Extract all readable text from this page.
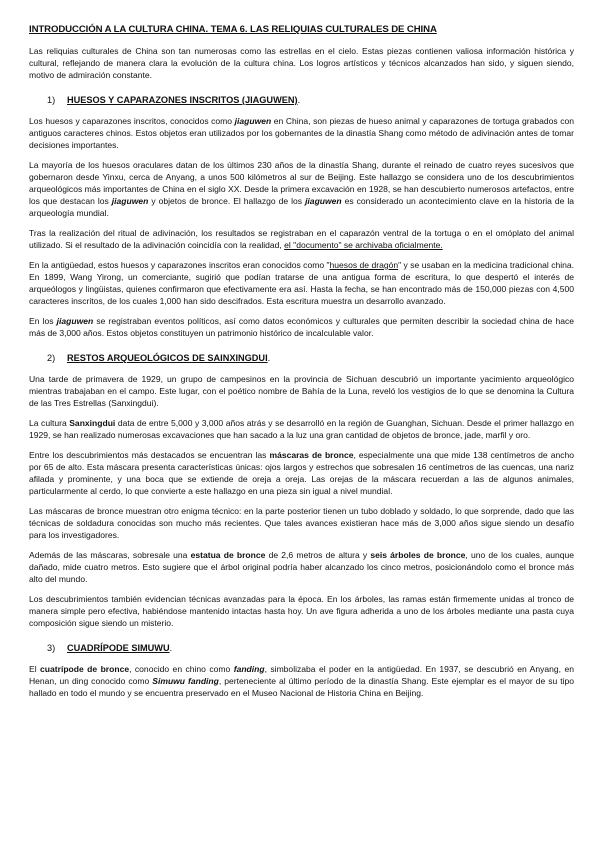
INTRODUCCIÓN A LA CULTURA CHINA. TEMA 6. LAS RELIQUIAS CULTURALES DE CHINA

Las reliquias culturales de China son tan numerosas como las estrellas en el cielo. Estas piezas contienen valiosa información histórica y cultural, reflejando de manera clara la evolución de la cultura china. Los logros artísticos y técnicos alcanzados han sido, y siguen siendo, motivo de admiración constante.

1) HUESOS Y CAPARAZONES INSCRITOS (JIAGUWEN).

Los huesos y caparazones inscritos, conocidos como jiaguwen en China, son piezas de hueso animal y caparazones de tortuga grabados con antiguos caracteres chinos. Estos objetos eran utilizados por los gobernantes de la dinastía Shang como método de adivinación antes de tomar decisiones importantes.

La mayoría de los huesos oraculares datan de los últimos 230 años de la dinastía Shang, durante el reinado de cuatro reyes sucesivos que gobernaron desde Yinxu, cerca de Anyang, a unos 500 kilómetros al sur de Beijing. Este hallazgo se considera uno de los descubrimientos arqueológicos más importantes de China en el siglo XX. Desde la primera excavación en 1928, se han descubierto numerosos artefactos, entre los que destacan los jiaguwen y objetos de bronce. El hallazgo de los jiaguwen es considerado un acontecimiento clave en la historia de la arqueología mundial.

Tras la realización del ritual de adivinación, los resultados se registraban en el caparazón ventral de la tortuga o en el omóplato del animal utilizado. Si el resultado de la adivinación coincidía con la realidad, el "documento" se archivaba oficialmente.

En la antigüedad, estos huesos y caparazones inscritos eran conocidos como "huesos de dragón" y se usaban en la medicina tradicional china. En 1899, Wang Yirong, un comerciante, sugirió que podían tratarse de una antigua forma de escritura, lo que despertó el interés de arqueólogos y lingüistas, quienes confirmaron que efectivamente era así. Hasta la fecha, se han encontrado más de 150,000 piezas con 4,500 caracteres inscritos, de los cuales 1,000 han sido descifrados. Esta escritura muestra un desarrollo avanzado.

En los jiaguwen se registraban eventos políticos, así como datos económicos y culturales que permiten describir la sociedad china de hace más de 3,000 años. Estos objetos constituyen un patrimonio histórico de incalculable valor.

2) RESTOS ARQUEOLÓGICOS DE SAINXINGDUI.

Una tarde de primavera de 1929, un grupo de campesinos en la provincia de Sichuan descubrió un importante yacimiento arqueológico mientras trabajaban en el campo. Este lugar, con el poético nombre de Bahía de la Luna, reveló los vestigios de lo que se denomina la Cultura de las Tres Estrellas (Sanxingdui).

La cultura Sanxingdui data de entre 5,000 y 3,000 años atrás y se desarrolló en la región de Guanghan, Sichuan. Desde el primer hallazgo en 1929, se han realizado numerosas excavaciones que han sacado a la luz una gran cantidad de objetos de bronce, jade, marfil y oro.

Entre los descubrimientos más destacados se encuentran las máscaras de bronce, especialmente una que mide 138 centímetros de ancho por 65 de alto. Esta máscara presenta características únicas: ojos largos y estrechos que sobresalen 16 centímetros de las cuencas, una nariz afilada y prominente, y una boca que se extiende de oreja a oreja. Las orejas de la máscara recuerdan a las de algunos animales, particularmente al cerdo, lo que convierte a este hallazgo en una pieza sin igual a nivel mundial.

Las máscaras de bronce muestran otro enigma técnico: en la parte posterior tienen un tubo doblado y soldado, lo que sorprende, dado que las técnicas de soldadura conocidas son mucho más recientes. Que tales avances existieran hace más de 3,000 años sigue siendo un desafío para los investigadores.

Además de las máscaras, sobresale una estatua de bronce de 2,6 metros de altura y seis árboles de bronce, uno de los cuales, aunque dañado, mide cuatro metros. Esto sugiere que el árbol original podría haber alcanzado los cinco metros, posicionándolo como el bronce más alto del mundo.

Los descubrimientos también evidencian técnicas avanzadas para la época. En los árboles, las ramas están firmemente unidas al tronco de manera simple pero efectiva, habiéndose mantenido intactas hasta hoy. Un ave figura adherida a uno de los árboles mediante una pasta cuya composición sigue siendo un misterio.

3) CUADRÍPODE SIMUWU.

El cuatrípode de bronce, conocido en chino como fanding, simbolizaba el poder en la antigüedad. En 1937, se descubrió en Anyang, en Henan, un ding conocido como Simuwu fanding, perteneciente al último período de la dinastía Shang. Este ejemplar es el mayor de su tipo hallado en todo el mundo y se encuentra preservado en el Museo Nacional de Historia China en Beijing.
